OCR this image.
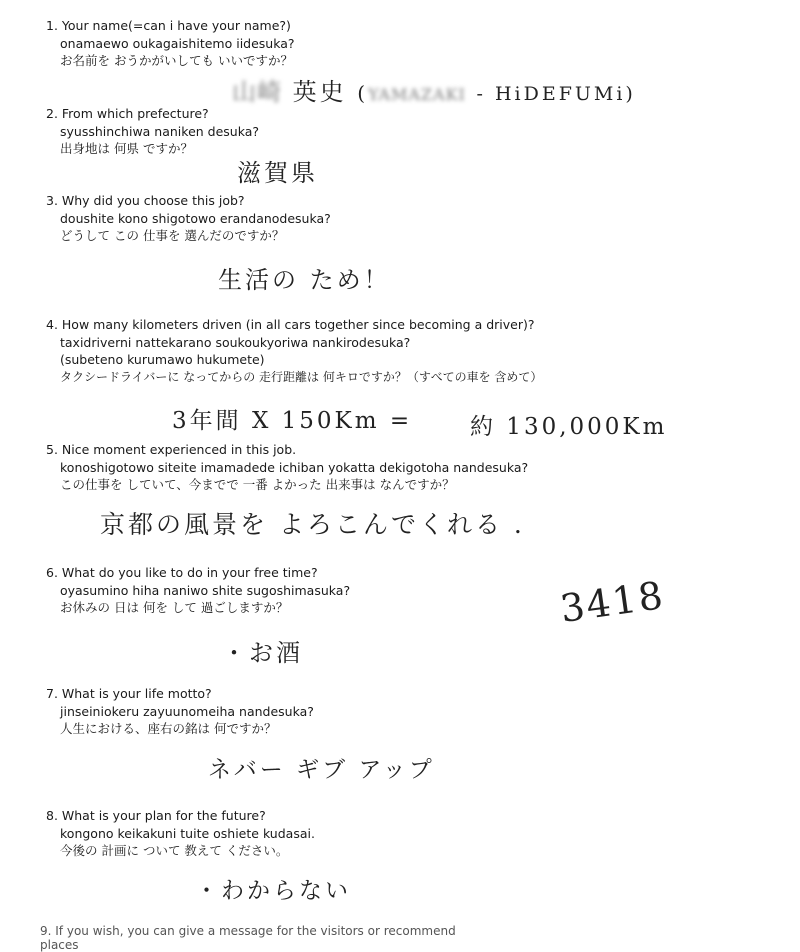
1. Your name(=can i have your name?)
onamaewo oukagaishitemo iidesuka?
お名前を おうかがいしても いいですか？
山崎 英史 (YAMAZAKI - HiDEFUMi)
2. From which prefecture?
syusshinchiwa naniken desuka?
出身地は 何県 ですか？
滋賀県
3. Why did you choose this job?
doushite kono shigotowo erandanodesuka?
どうして この 仕事を 選んだのですか？
生活の ため！
4. How many kilometers driven (in all cars together since becoming a driver)?
taxidriverni nattekarano soukoukyoriwa nankirodesuka?
(subeteno kurumawo hukumete)
タクシードライバーに なってからの 走行距離は 何キロですか？（すべての車を 含めて）
3年間 X 150Km =	約 130,000Km
5. Nice moment experienced in this job.
konoshigotowo siteite imamadede ichiban yokatta dekigotoha nandesuka?
この仕事を していて、今までで 一番 よかった 出来事は なんですか？
京都の風景を よろこんでくれる .
6. What do you like to do in your free time?
oyasumino hiha naniwo shite sugoshimasuka?
お休みの 日は 何を して 過ごしますか？
・お酒
3418
7. What is your life motto?
jinseiniokeru zayuunomeiha nandesuka?
人生における、座右の銘は 何ですか？
ネバー ギブ アップ
8. What is your plan for the future?
kongono keikakuni tuite oshiete kudasai.
今後の 計画に ついて 教えて ください。
・わからない
9. If you wish, you can give a message for the visitors or recommend places
